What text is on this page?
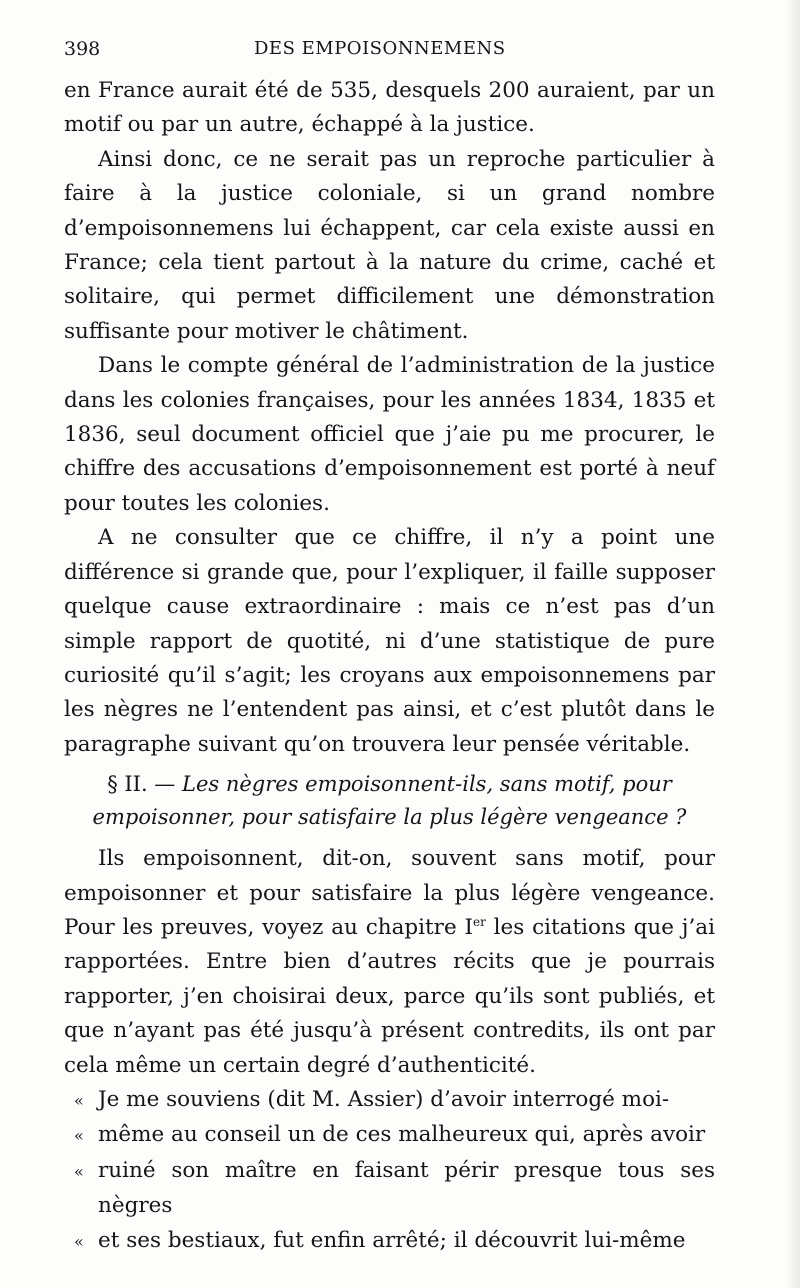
398	DES EMPOISONNEMENS

en France aurait été de 535, desquels 200 auraient, par un motif ou par un autre, échappé à la justice.

Ainsi donc, ce ne serait pas un reproche particulier à faire à la justice coloniale, si un grand nombre d’empoisonnemens lui échappent, car cela existe aussi en France; cela tient partout à la nature du crime, caché et solitaire, qui permet difficilement une démonstration suffisante pour motiver le châtiment.

Dans le compte général de l’administration de la justice dans les colonies françaises, pour les années 1834, 1835 et 1836, seul document officiel que j’aie pu me procurer, le chiffre des accusations d’empoisonnement est porté à neuf pour toutes les colonies.

A ne consulter que ce chiffre, il n’y a point une différence si grande que, pour l’expliquer, il faille supposer quelque cause extraordinaire : mais ce n’est pas d’un simple rapport de quotité, ni d’une statistique de pure curiosité qu’il s’agit; les croyans aux empoisonnemens par les nègres ne l’entendent pas ainsi, et c’est plutôt dans le paragraphe suivant qu’on trouvera leur pensée véritable.

§ II. — Les nègres empoisonnent-ils, sans motif, pour empoisonner, pour satisfaire la plus légère vengeance ?

Ils empoisonnent, dit-on, souvent sans motif, pour empoisonner et pour satisfaire la plus légère vengeance. Pour les preuves, voyez au chapitre Ier les citations que j’ai rapportées. Entre bien d’autres récits que je pourrais rapporter, j’en choisirai deux, parce qu’ils sont publiés, et que n’ayant pas été jusqu’à présent contredits, ils ont par cela même un certain degré d’authenticité.

« Je me souviens (dit M. Assier) d’avoir interrogé moi-

« même au conseil un de ces malheureux qui, après avoir

« ruiné son maître en faisant périr presque tous ses nègres

« et ses bestiaux, fut enfin arrêté; il découvrit lui-même
